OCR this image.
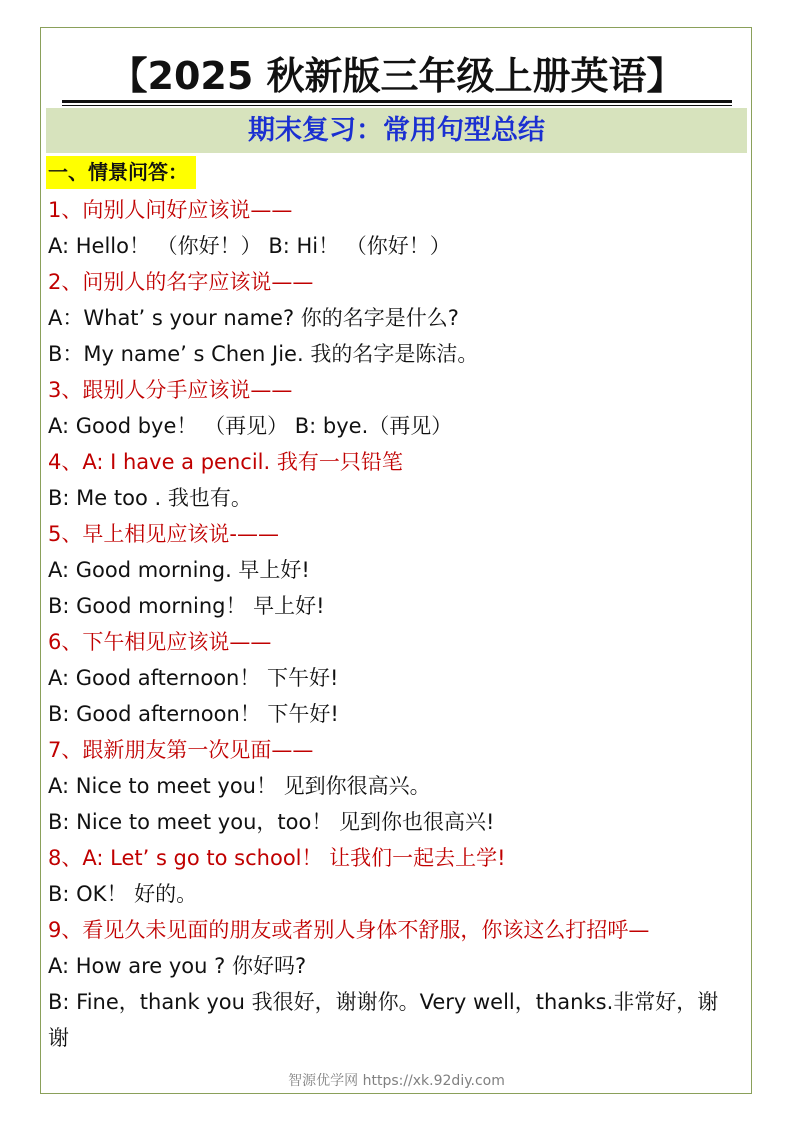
【2025 秋新版三年级上册英语】
期末复习：常用句型总结
一、情景问答：
1、向别人问好应该说——
A: Hello！ （你好！） B: Hi！ （你好！）
2、问别人的名字应该说——
A：What’ s your name? 你的名字是什么?
B：My name’ s Chen Jie. 我的名字是陈洁。
3、跟别人分手应该说——
A: Good bye！ （再见） B: bye.（再见）
4、A: I have a pencil. 我有一只铅笔
B: Me too . 我也有。
5、早上相见应该说-——
A: Good morning. 早上好!
B: Good morning！ 早上好!
6、下午相见应该说——
A: Good afternoon！ 下午好!
B: Good afternoon！ 下午好!
7、跟新朋友第一次见面——
A: Nice to meet you！ 见到你很高兴。
B: Nice to meet you，too！ 见到你也很高兴!
8、A: Let’ s go to school！ 让我们一起去上学!
B: OK！ 好的。
9、看见久未见面的朋友或者别人身体不舒服，你该这么打招呼—
A: How are you ? 你好吗?
B: Fine，thank you 我很好，谢谢你。Very well，thanks.非常好，谢谢
智源优学网 https://xk.92diy.com
